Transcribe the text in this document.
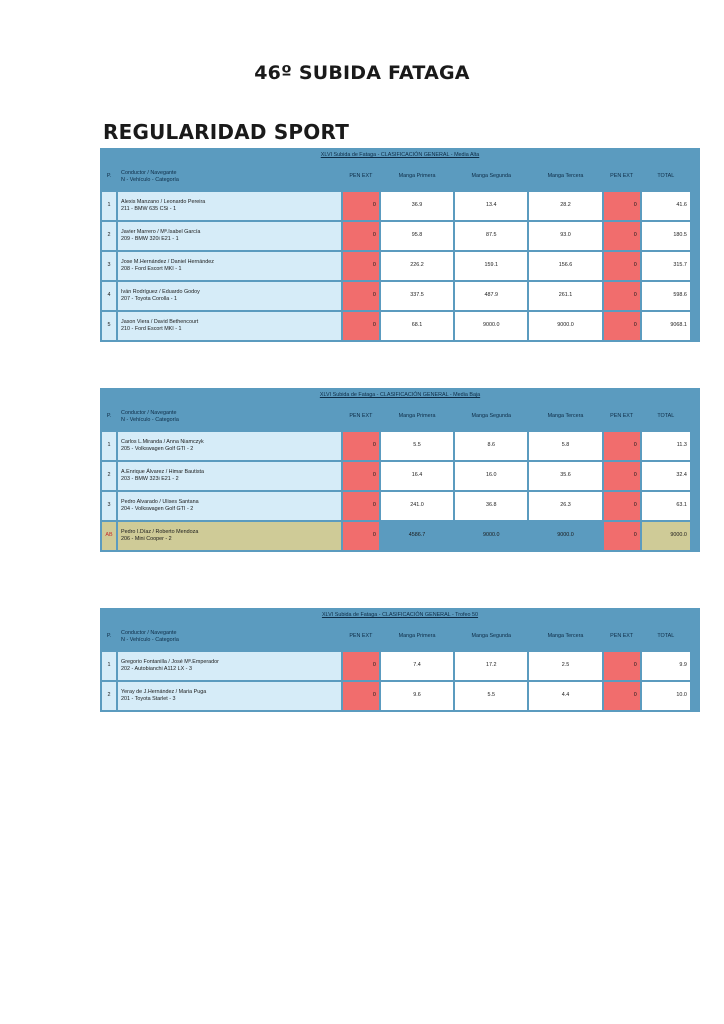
46º SUBIDA FATAGA
REGULARIDAD SPORT
XLVI Subida de Fataga - CLASIFICACIÓN GENERAL - Media Alta								

P.	Conductor / Navegante
N - Vehículo - Categoría	PEN EXT	Manga Primera	Manga Segunda	Manga Tercera	PEN EXT	TOTAL	

1	Alexis Manzano / Leonardo Pereira
211 - BMW 635 CSi - 1	0	36.9	13.4	28.2	0	41.6	

2	Javier Marrero / Mª.Isabel García
209 - BMW 320i E21 - 1	0	95.8	87.5	93.0	0	180.5	

3	Jose M.Hernández / Daniel Hernández
208 - Ford Escort MKI - 1	0	226.2	159.1	156.6	0	315.7	

4	Iván Rodríguez / Eduardo Godoy
207 - Toyota Corolla - 1	0	337.5	487.9	261.1	0	598.6	

5	Jason Viera / David Bethencourt
210 - Ford Escort MKI - 1	0	68.1	9000.0	9000.0	0	9068.1	

XLVI Subida de Fataga - CLASIFICACIÓN GENERAL - Media Baja								

P.	Conductor / Navegante
N - Vehículo - Categoría	PEN EXT	Manga Primera	Manga Segunda	Manga Tercera	PEN EXT	TOTAL	

1	Carlos L.Miranda / Anna Niamczyk
205 - Volkswagen Golf GTI - 2	0	5.5	8.6	5.8	0	11.3	

2	A.Enrique Álvarez / Himar Bautista
203 - BMW 323i E21 - 2	0	16.4	16.0	35.6	0	32.4	

3	Pedro Alvarado / Ulises Santana
204 - Volkswagen Golf GTI - 2	0	241.0	36.8	26.3	0	63.1	

AB	Pedro I.Díaz / Roberto Mendoza
206 - Mini Cooper - 2	0	4586.7	9000.0	9000.0	0	9000.0	

XLVI Subida de Fataga - CLASIFICACIÓN GENERAL - Trofeo 50								

P.	Conductor / Navegante
N - Vehículo - Categoría	PEN EXT	Manga Primera	Manga Segunda	Manga Tercera	PEN EXT	TOTAL	

1	Gregorio Fontanilla / José Mª.Emperador
202 - Autobianchi A112 LX - 3	0	7.4	17.2	2.5	0	9.9	

2	Yeray de J.Hernández / Maria Puga
201 - Toyota Starlet - 3	0	9.6	5.5	4.4	0	10.0	
